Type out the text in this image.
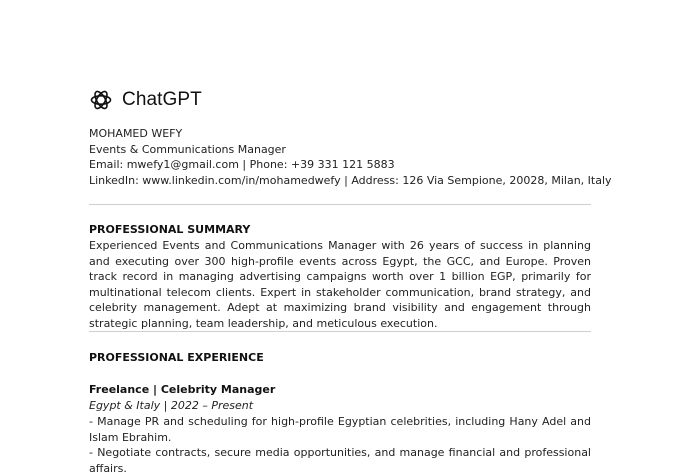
ChatGPT
MOHAMED WEFY
Events & Communications Manager
Email: mwefy1@gmail.com | Phone: +39 331 121 5883
LinkedIn: www.linkedin.com/in/mohamedwefy | Address: 126 Via Sempione, 20028, Milan, Italy
PROFESSIONAL SUMMARY
Experienced Events and Communications Manager with 26 years of success in planning and executing over 300 high-profile events across Egypt, the GCC, and Europe. Proven track record in managing advertising campaigns worth over 1 billion EGP, primarily for multinational telecom clients. Expert in stakeholder communication, brand strategy, and celebrity management. Adept at maximizing brand visibility and engagement through strategic planning, team leadership, and meticulous execution.
PROFESSIONAL EXPERIENCE
Freelance | Celebrity Manager
Egypt & Italy | 2022 – Present
- Manage PR and scheduling for high-profile Egyptian celebrities, including Hany Adel and Islam Ebrahim.
- Negotiate contracts, secure media opportunities, and manage financial and professional affairs.
